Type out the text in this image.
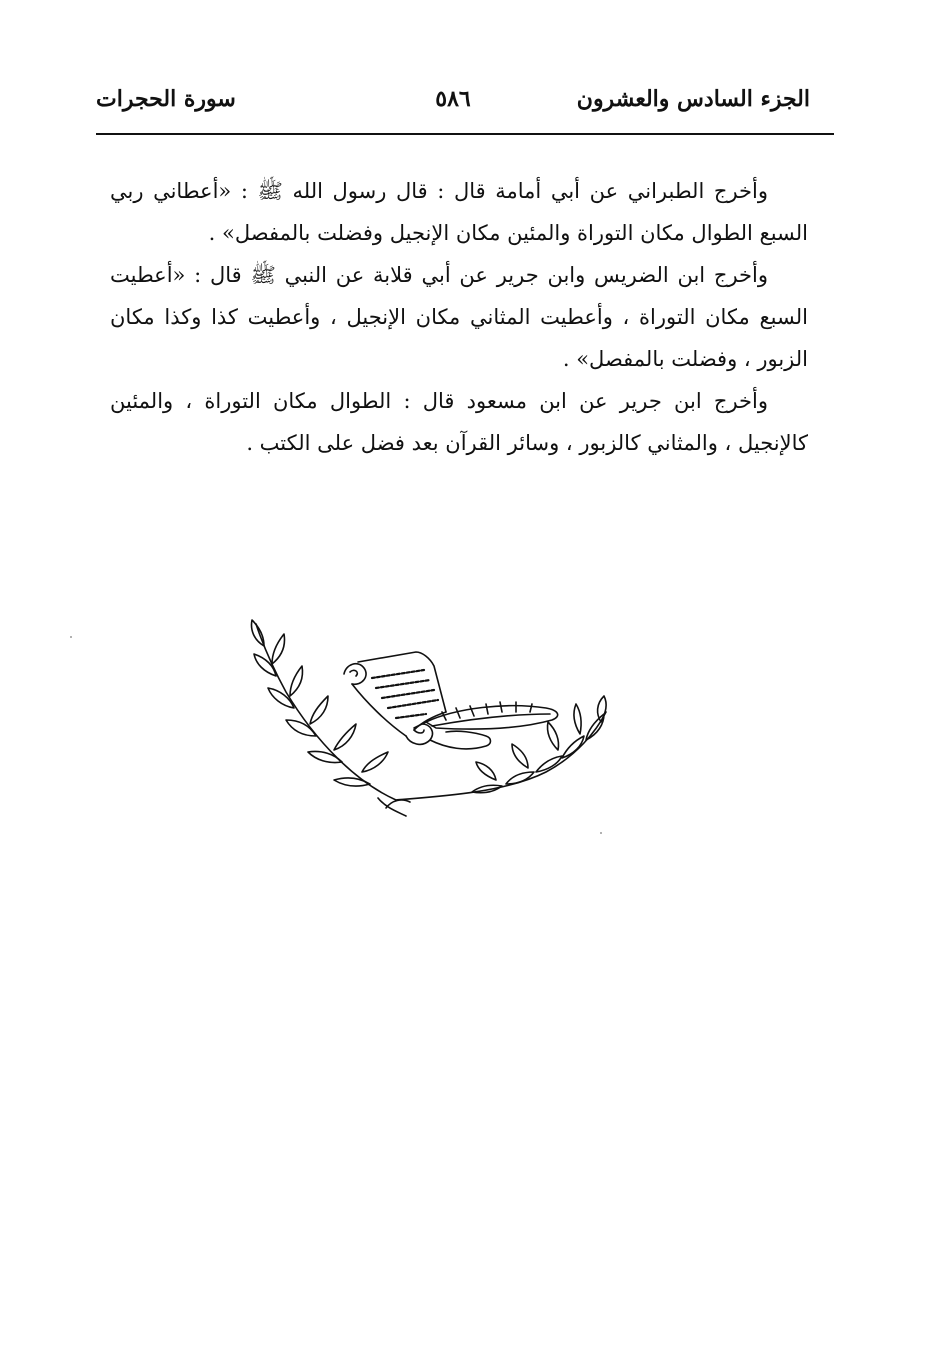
الجزء السادس والعشرون
٥٨٦
سورة الحجرات

وأخرج الطبراني عن أبي أمامة قال : قال رسول الله ﷺ : «أعطاني ربي السبع الطوال مكان التوراة والمئين مكان الإنجيل وفضلت بالمفصل» .

وأخرج ابن الضريس وابن جرير عن أبي قلابة عن النبي ﷺ قال : «أعطيت السبع مكان التوراة ، وأعطيت المثاني مكان الإنجيل ، وأعطيت كذا وكذا مكان الزبور ، وفضلت بالمفصل» .

وأخرج ابن جرير عن ابن مسعود قال : الطوال مكان التوراة ، والمئين كالإنجيل ، والمثاني كالزبور ، وسائر القرآن بعد فضل على الكتب .
